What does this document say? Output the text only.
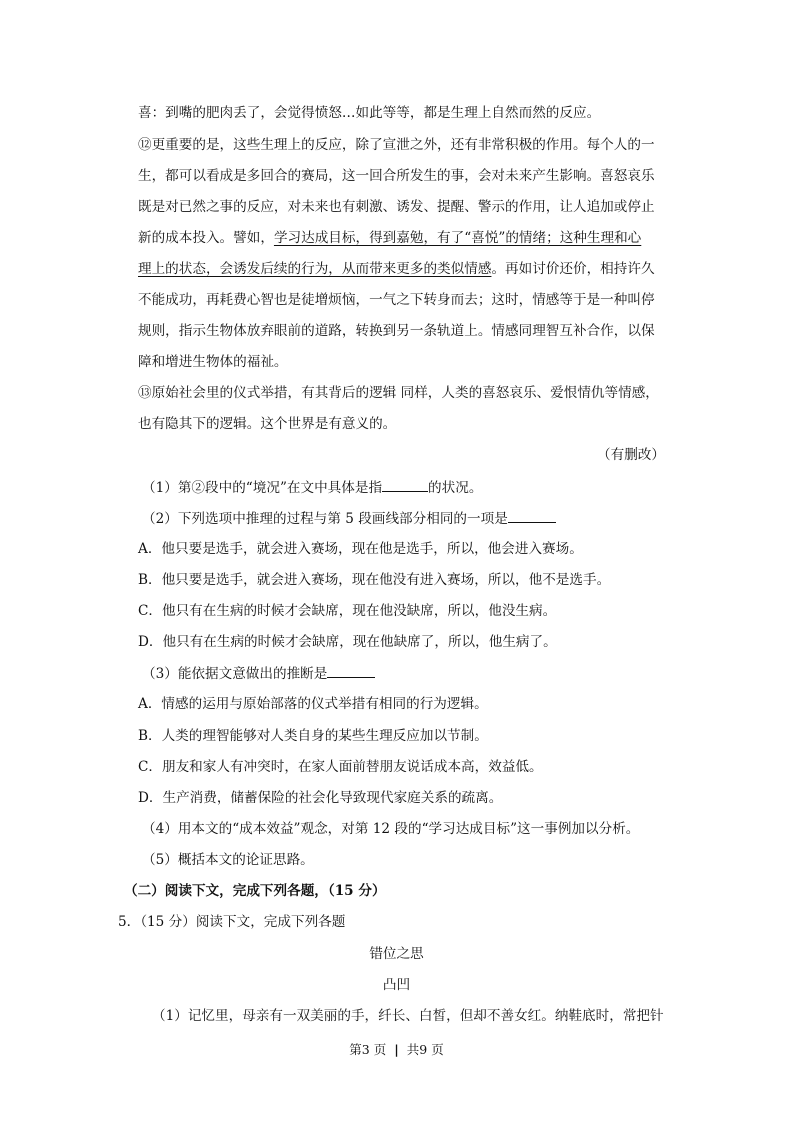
喜：到嘴的肥肉丢了，会觉得愤怒…如此等等，都是生理上自然而然的反应。
⑫更重要的是，这些生理上的反应，除了宣泄之外，还有非常积极的作用。每个人的一
生，都可以看成是多回合的赛局，这一回合所发生的事，会对未来产生影响。喜怒哀乐
既是对已然之事的反应，对未来也有刺激、诱发、提醒、警示的作用，让人追加或停止
新的成本投入。譬如，学习达成目标，得到嘉勉，有了“喜悦”的情绪；这种生理和心
理上的状态，会诱发后续的行为，从而带来更多的类似情感。再如讨价还价，相持许久
不能成功，再耗费心智也是徒增烦恼，一气之下转身而去；这时，情感等于是一种叫停
规则，指示生物体放弃眼前的道路，转换到另一条轨道上。情感同理智互补合作，以保
障和增进生物体的福祉。
⑬原始社会里的仪式举措，有其背后的逻辑 同样，人类的喜怒哀乐、爱恨情仇等情感，
也有隐其下的逻辑。这个世界是有意义的。
（有删改）
（1）第②段中的“境况”在文中具体是指	的状况。
（2）下列选项中推理的过程与第 5 段画线部分相同的一项是
A．他只要是选手，就会进入赛场，现在他是选手，所以，他会进入赛场。
B．他只要是选手，就会进入赛场，现在他没有进入赛场，所以，他不是选手。
C．他只有在生病的时候才会缺席，现在他没缺席，所以，他没生病。
D．他只有在生病的时候才会缺席，现在他缺席了，所以，他生病了。
（3）能依据文意做出的推断是
A．情感的运用与原始部落的仪式举措有相同的行为逻辑。
B．人类的理智能够对人类自身的某些生理反应加以节制。
C．朋友和家人有冲突时，在家人面前替朋友说话成本高，效益低。
D．生产消费，储蓄保险的社会化导致现代家庭关系的疏离。
（4）用本文的“成本效益”观念，对第 12 段的“学习达成目标”这一事例加以分析。
（5）概括本文的论证思路。
（二）阅读下文，完成下列各题，（15 分）
5．（15 分）阅读下文，完成下列各题
错位之思
凸凹
（1）记忆里，母亲有一双美丽的手，纤长、白皙，但却不善女红。纳鞋底时，常把针
第3 页 | 共9 页
